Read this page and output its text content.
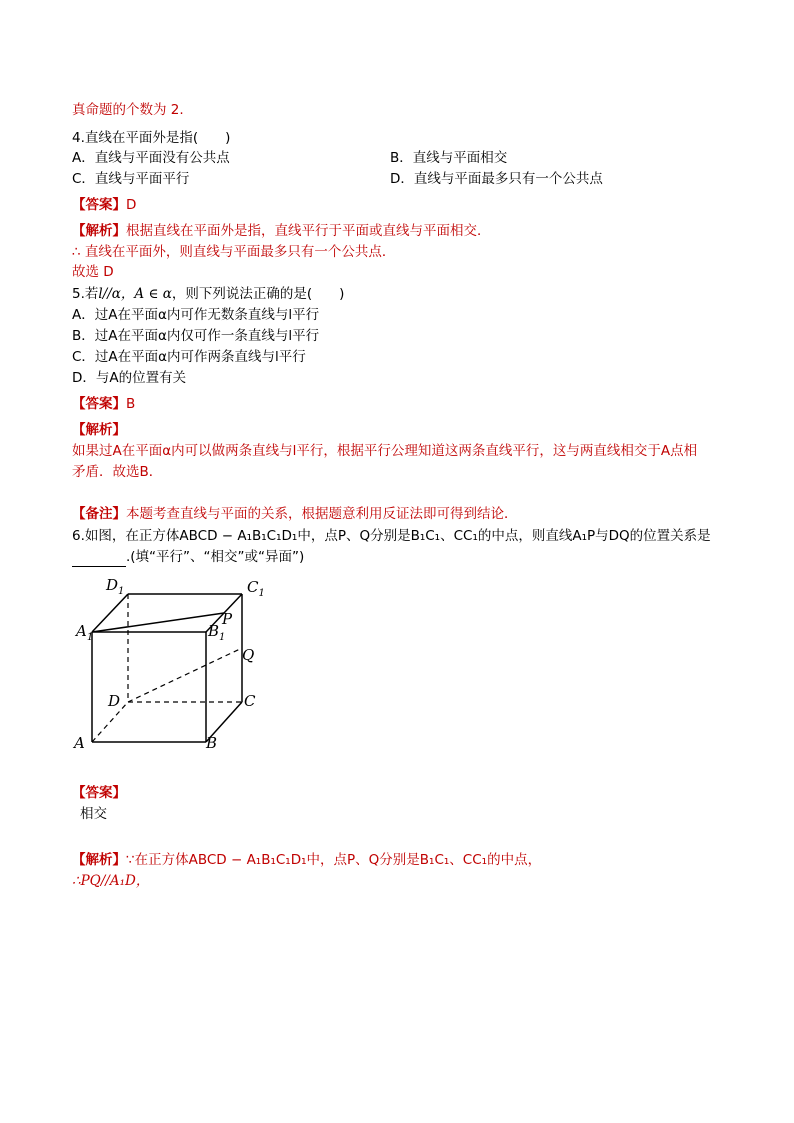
真命题的个数为 2.
4.直线在平面外是指(　　)
A．直线与平面没有公共点	B．直线与平面相交
C．直线与平面平行	D．直线与平面最多只有一个公共点
【答案】D
【解析】根据直线在平面外是指，直线平行于平面或直线与平面相交．
∴ 直线在平面外，则直线与平面最多只有一个公共点．
故选 D
5.若l//α，A ∈ α，则下列说法正确的是(　　)
A．过A在平面α内可作无数条直线与l平行
B．过A在平面α内仅可作一条直线与l平行
C．过A在平面α内可作两条直线与l平行
D．与A的位置有关
【答案】B
【解析】
如果过A在平面α内可以做两条直线与l平行，根据平行公理知道这两条直线平行，这与两直线相交于A点相
矛盾．故选B．
【备注】本题考查直线与平面的关系，根据题意利用反证法即可得到结论．
6.如图，在正方体ABCD − A₁B₁C₁D₁中，点P、Q分别是B₁C₁、CC₁的中点，则直线A₁P与DQ的位置关系是
.(填“平行”、“相交”或“异面”)
$D_1$	$C_1$
P
$A_1$	$B_1$
Q
D	C
A	B
【答案】
相交
【解析】∵在正方体ABCD − A₁B₁C₁D₁中，点P、Q分别是B₁C₁、CC₁的中点，
∴PQ//A₁D，
